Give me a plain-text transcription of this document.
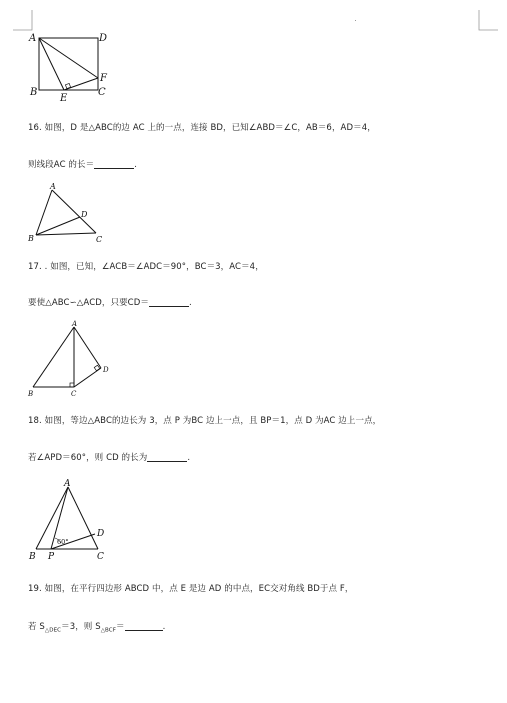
A	D
F
B
E
C
16. 如图，D 是△ABC的边 AC 上的一点，连接 BD，已知∠ABD＝∠C，AB＝6，AD＝4，
则线段AC 的长＝	.
A
D
B	C
17. . 如图，已知，∠ACB＝∠ADC＝90°，BC＝3，AC＝4，
要使△ABC∽△ACD，只要CD＝	.
A
D
B	C
18. 如图，等边△ABC的边长为 3，点 P 为BC 边上一点，且 BP＝1，点 D 为AC 边上一点，
若∠APD＝60°，则 CD 的长为	.
A
D
B P	C
60°
19. 如图，在平行四边形 ABCD 中，点 E 是边 AD 的中点，EC交对角线 BD于点 F，
若 $S_{\triangle DEC}=3$，则 $S_{\triangle BCF}=$	.
